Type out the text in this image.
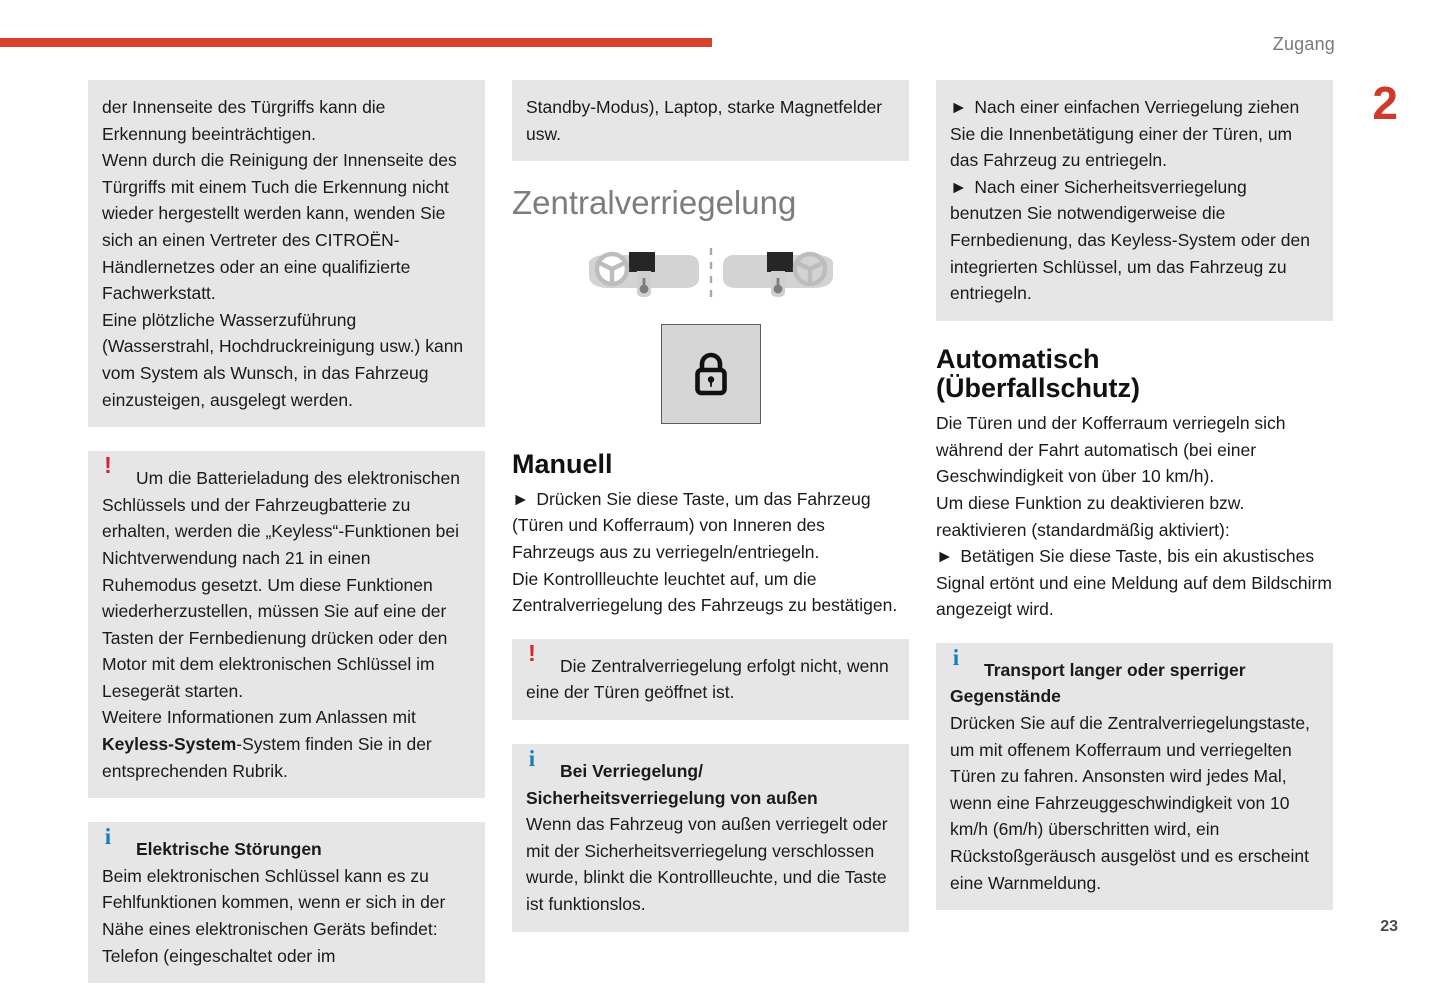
Zugang
2
23

der Innenseite des Türgriffs kann die Erkennung beeinträchtigen.
Wenn durch die Reinigung der Innenseite des Türgriffs mit einem Tuch die Erkennung nicht wieder hergestellt werden kann, wenden Sie sich an einen Vertreter des CITROËN-Händlernetzes oder an eine qualifizierte Fachwerkstatt.
Eine plötzliche Wasserzuführung (Wasserstrahl, Hochdruckreinigung usw.) kann vom System als Wunsch, in das Fahrzeug einzusteigen, ausgelegt werden.

!	Um die Batterieladung des elektronischen Schlüssels und der Fahrzeugbatterie zu erhalten, werden die „Keyless“-Funktionen bei Nichtverwendung nach 21 in einen Ruhemodus gesetzt. Um diese Funktionen wiederherzustellen, müssen Sie auf eine der Tasten der Fernbedienung drücken oder den Motor mit dem elektronischen Schlüssel im Lesegerät starten.
Weitere Informationen zum Anlassen mit Keyless-System-System finden Sie in der entsprechenden Rubrik.

i	Elektrische Störungen
Beim elektronischen Schlüssel kann es zu Fehlfunktionen kommen, wenn er sich in der Nähe eines elektronischen Geräts befindet: Telefon (eingeschaltet oder im

Standby-Modus), Laptop, starke Magnetfelder usw.

Zentralverriegelung
Manuell
► Drücken Sie diese Taste, um das Fahrzeug (Türen und Kofferraum) von Inneren des Fahrzeugs aus zu verriegeln/entriegeln.
Die Kontrollleuchte leuchtet auf, um die Zentralverriegelung des Fahrzeugs zu bestätigen.
!	Die Zentralverriegelung erfolgt nicht, wenn eine der Türen geöffnet ist.

i	Bei Verriegelung/ Sicherheitsverriegelung von außen
Wenn das Fahrzeug von außen verriegelt oder mit der Sicherheitsverriegelung verschlossen wurde, blinkt die Kontrollleuchte, und die Taste ist funktionslos.

► Nach einer einfachen Verriegelung ziehen Sie die Innenbetätigung einer der Türen, um das Fahrzeug zu entriegeln.

► Nach einer Sicherheitsverriegelung benutzen Sie notwendigerweise die Fernbedienung, das Keyless-System oder den integrierten Schlüssel, um das Fahrzeug zu entriegeln.

Automatisch
(Überfallschutz)

Die Türen und der Kofferraum verriegeln sich während der Fahrt automatisch (bei einer Geschwindigkeit von über 10 km/h).
Um diese Funktion zu deaktivieren bzw. reaktivieren (standardmäßig aktiviert):

► Betätigen Sie diese Taste, bis ein akustisches Signal ertönt und eine Meldung auf dem Bildschirm angezeigt wird.

i	Transport langer oder sperriger Gegenstände
Drücken Sie auf die Zentralverriegelungstaste, um mit offenem Kofferraum und verriegelten Türen zu fahren. Ansonsten wird jedes Mal, wenn eine Fahrzeuggeschwindigkeit von 10 km/h (6m/h) überschritten wird, ein Rückstoßgeräusch ausgelöst und es erscheint eine Warnmeldung.
